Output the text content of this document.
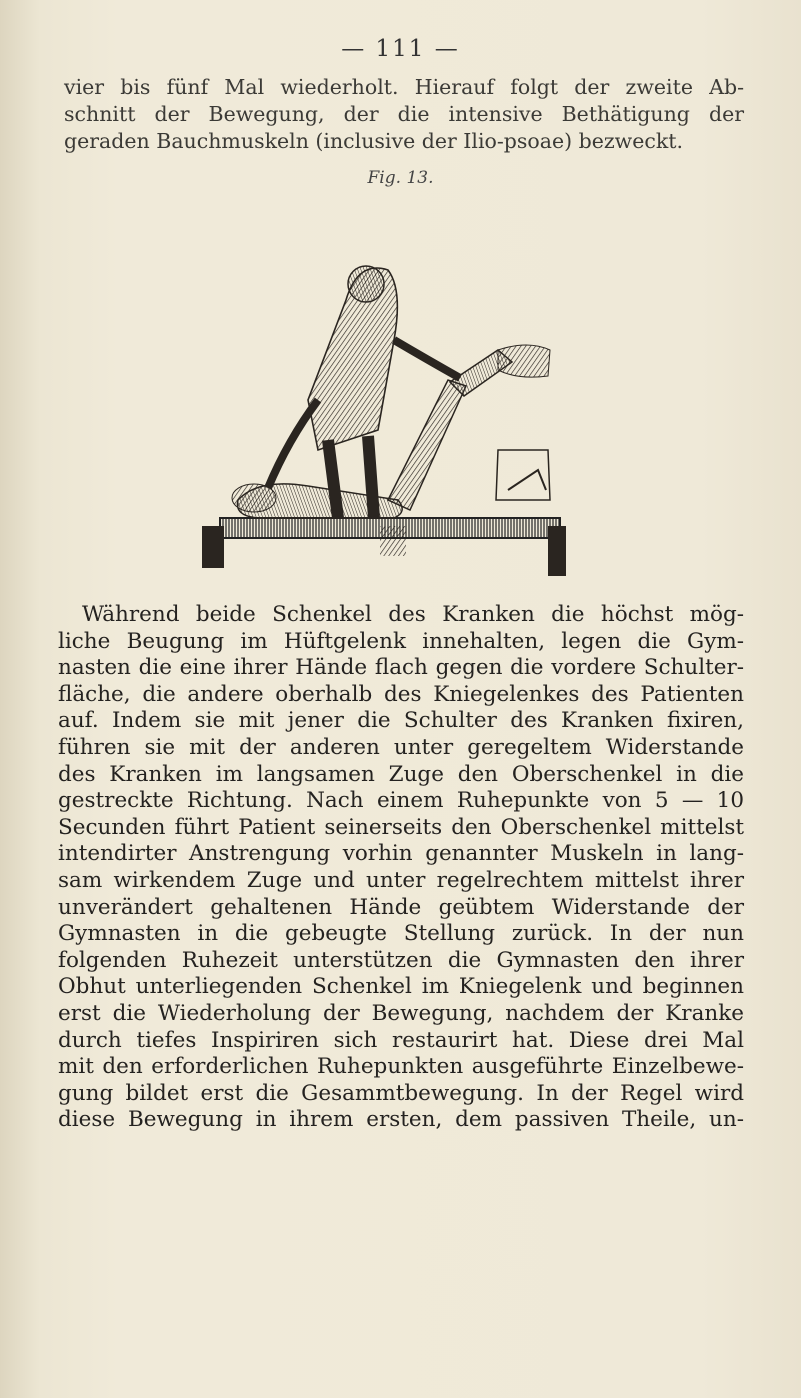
— 111 —
vier bis fünf Mal wiederholt. Hierauf folgt der zweite Ab-
schnitt der Bewegung, der die intensive Bethätigung der
geraden Bauchmuskeln (inclusive der Ilio-psoae) bezweckt.
Fig. 13.
Während beide Schenkel des Kranken die höchst mög-
liche Beugung im Hüftgelenk innehalten, legen die Gym-
nasten die eine ihrer Hände flach gegen die vordere Schulter-
fläche, die andere oberhalb des Kniegelenkes des Patienten
auf. Indem sie mit jener die Schulter des Kranken fixiren,
führen sie mit der anderen unter geregeltem Widerstande
des Kranken im langsamen Zuge den Oberschenkel in die
gestreckte Richtung. Nach einem Ruhepunkte von 5 — 10
Secunden führt Patient seinerseits den Oberschenkel mittelst
intendirter Anstrengung vorhin genannter Muskeln in lang-
sam wirkendem Zuge und unter regelrechtem mittelst ihrer
unverändert gehaltenen Hände geübtem Widerstande der
Gymnasten in die gebeugte Stellung zurück. In der nun
folgenden Ruhezeit unterstützen die Gymnasten den ihrer
Obhut unterliegenden Schenkel im Kniegelenk und beginnen
erst die Wiederholung der Bewegung, nachdem der Kranke
durch tiefes Inspiriren sich restaurirt hat. Diese drei Mal
mit den erforderlichen Ruhepunkten ausgeführte Einzelbewe-
gung bildet erst die Gesammtbewegung. In der Regel wird
diese Bewegung in ihrem ersten, dem passiven Theile, un-
